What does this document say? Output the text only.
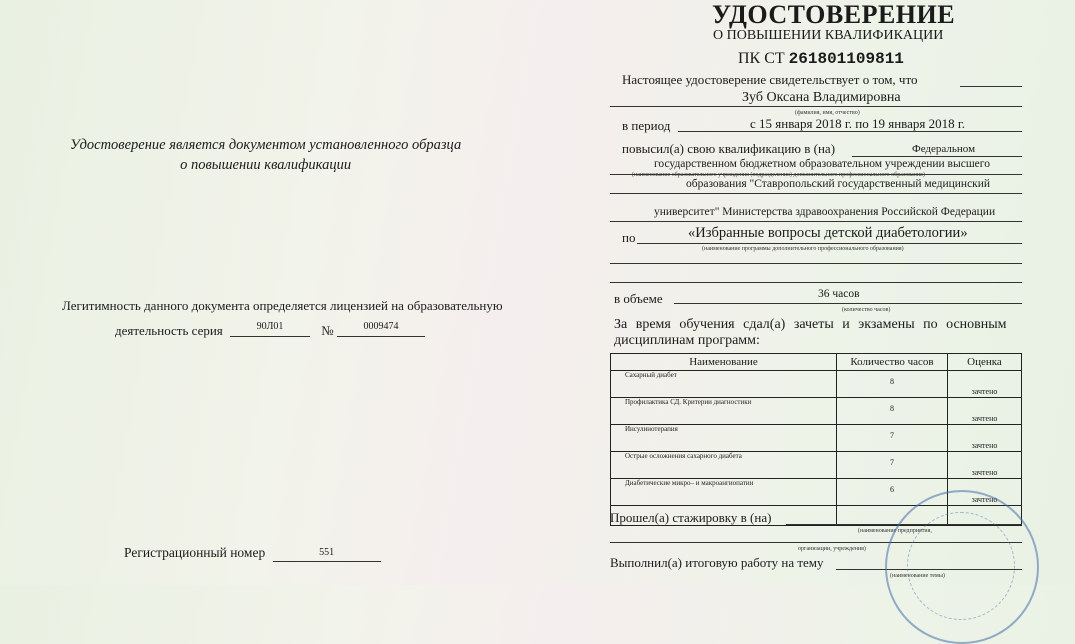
Удостоверение является документом установленного образца
о повышении квалификации
Легитимность данного документа определяется лицензией на образовательную
деятельность серия	90Л01	№	0009474
Регистрационный номер	551
УДОСТОВЕРЕНИЕ
О ПОВЫШЕНИИ КВАЛИФИКАЦИИ
ПК СТ 261801109811
Настоящее удостоверение свидетельствует о том, что
Зуб Оксана Владимировна
(фамилия, имя, отчество)
в период	с 15 января 2018 г. по 19 января 2018 г.
повысил(а) свою квалификацию в (на)	Федеральном
государственном бюджетном образовательном учреждении высшего
(наименование образовательного учреждения (подразделения) дополнительного профессионального образования)
образования "Ставропольский государственный медицинский
университет" Министерства здравоохранения Российской Федерации
по	«Избранные вопросы детской диабетологии»
(наименование программы дополнительного профессионального образования)
в объеме	36 часов
(количество часов)
За время обучения сдал(а) зачеты и экзамены по основным
дисциплинам программ:
Наименование	Количество часов	Оценка
Сахарный диабет	8	зачтено
Профилактика СД. Критерии диагностики	8	зачтено
Инсулинотерапия	7	зачтено
Острые осложнения сахарного диабета	7	зачтено
Диабетические микро– и макроангиопатии	6	зачтено

Прошел(а) стажировку в (на)
(наименование предприятия,
организации, учреждения)
Выполнил(а) итоговую работу на тему
(наименование темы)
